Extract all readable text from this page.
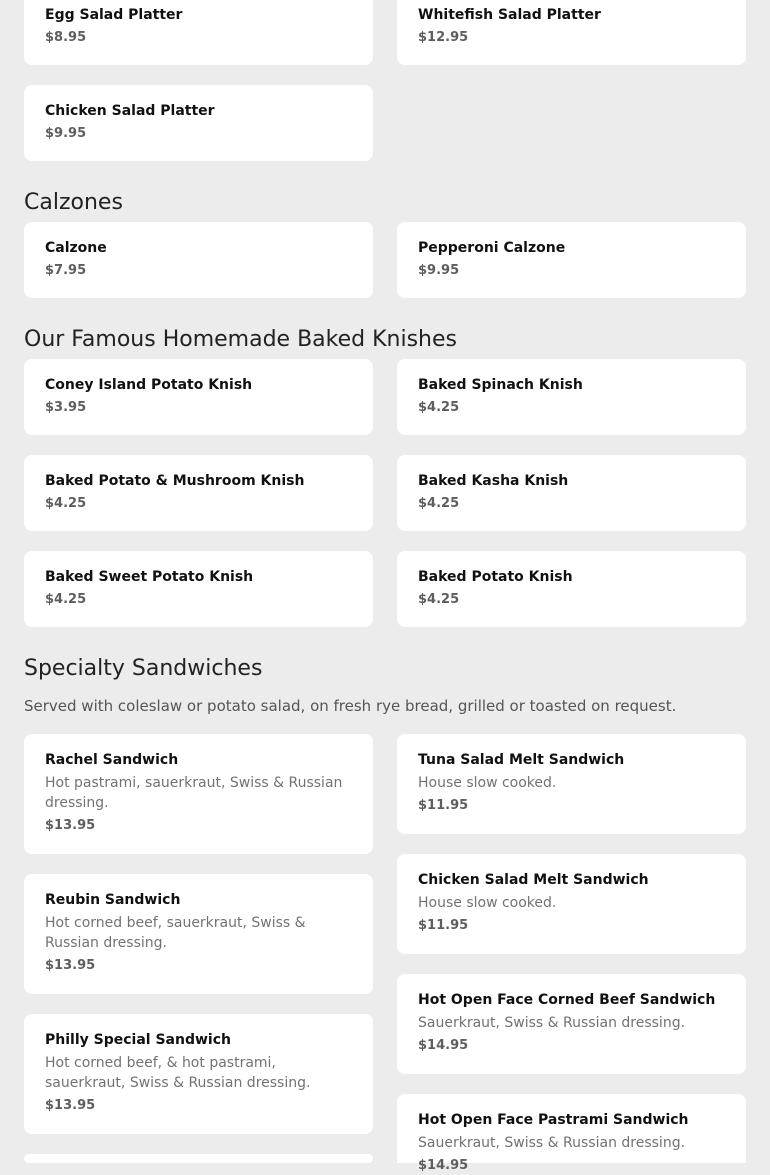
Egg Salad Platter
$8.95
Whitefish Salad Platter
$12.95
Chicken Salad Platter
$9.95
Calzones
Calzone
$7.95
Pepperoni Calzone
$9.95
Our Famous Homemade Baked Knishes
Coney Island Potato Knish
$3.95
Baked Spinach Knish
$4.25
Baked Potato & Mushroom Knish
$4.25
Baked Kasha Knish
$4.25
Baked Sweet Potato Knish
$4.25
Baked Potato Knish
$4.25
Specialty Sandwiches
Served with coleslaw or potato salad, on fresh rye bread, grilled or toasted on request.
Rachel Sandwich
Hot pastrami, sauerkraut, Swiss & Russian dressing.
$13.95
Reubin Sandwich
Hot corned beef, sauerkraut, Swiss & Russian dressing.
$13.95
Philly Special Sandwich
Hot corned beef, & hot pastrami, sauerkraut, Swiss & Russian dressing.
$13.95
Tuna Salad Melt Sandwich
House slow cooked.
$11.95
Chicken Salad Melt Sandwich
House slow cooked.
$11.95
Hot Open Face Corned Beef Sandwich
Sauerkraut, Swiss & Russian dressing.
$14.95
Hot Open Face Pastrami Sandwich
Sauerkraut, Swiss & Russian dressing.
$14.95
